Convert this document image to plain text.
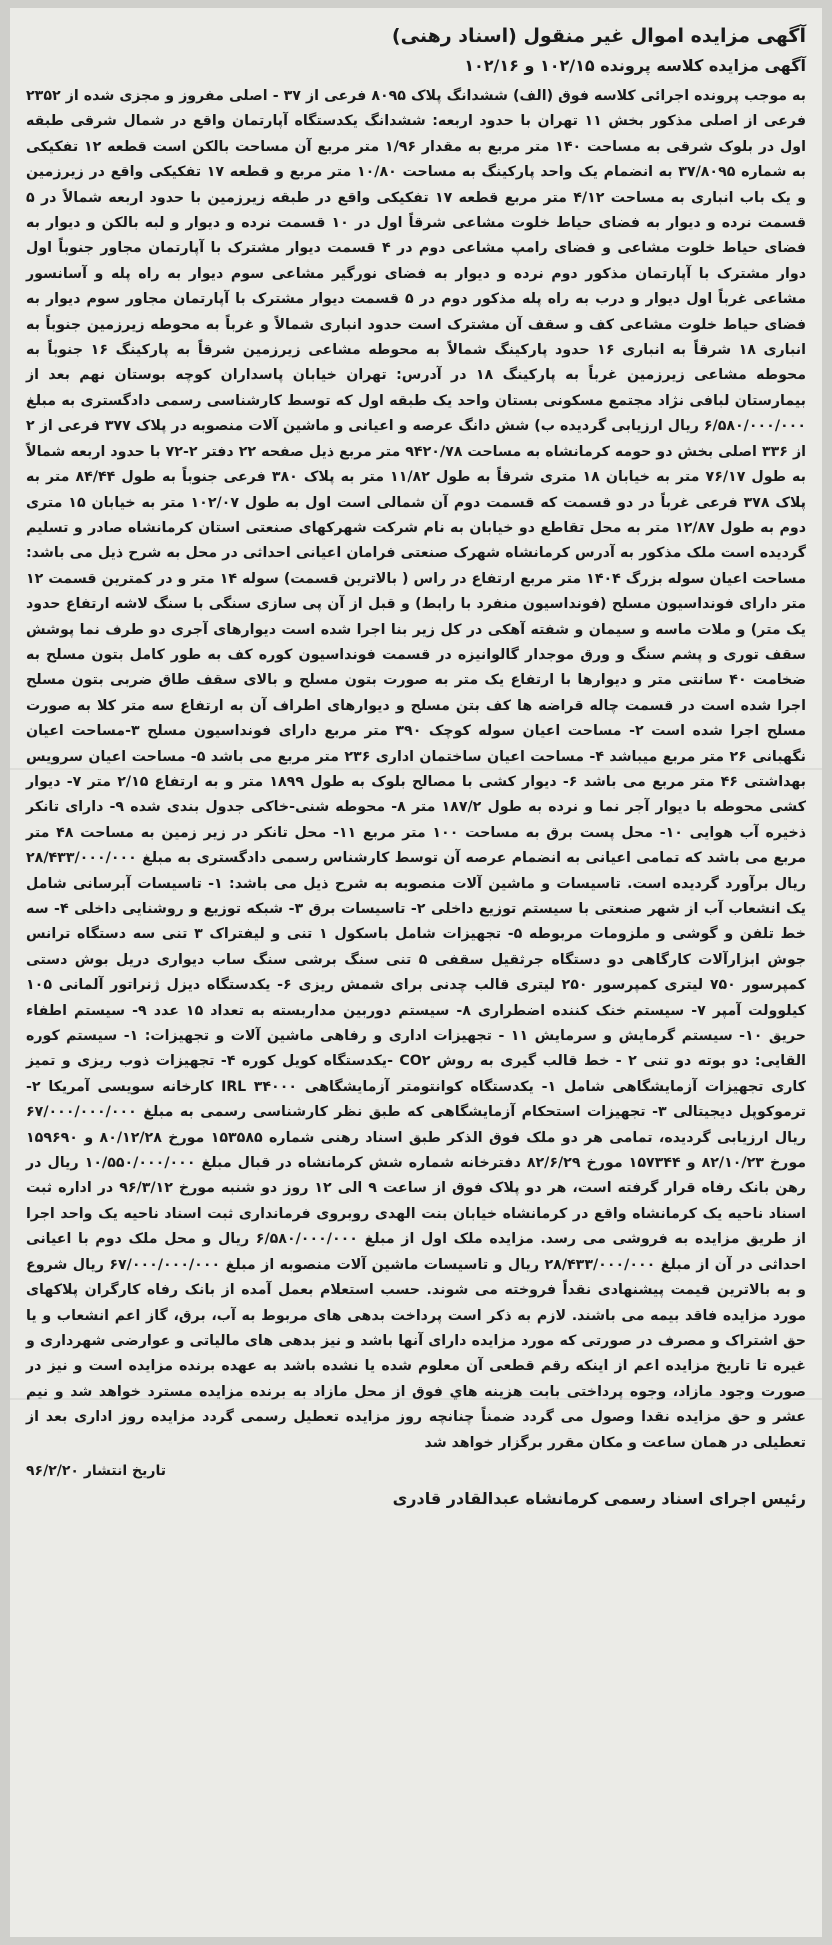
آگهی مزایده اموال غیر منقول (اسناد رهنی)
آگهی مزایده کلاسه پرونده ۱۰۲/۱۵ و ۱۰۲/۱۶

به موجب پرونده اجرائی کلاسه فوق (الف) ششدانگ پلاک ۸۰۹۵ فرعی از ۳۷ - اصلی مفروز و مجزی شده از ۲۳۵۲ فرعی از اصلی مذکور بخش ۱۱ تهران با حدود اربعه: ششدانگ یکدستگاه آپارتمان واقع در شمال شرقی طبقه اول در بلوک شرقی به مساحت ۱۴۰ متر مربع به مقدار ۱/۹۶ متر مربع آن مساحت بالکن است قطعه ۱۲ تفکیکی به شماره ۳۷/۸۰۹۵ به انضمام یک واحد پارکینگ به مساحت ۱۰/۸۰ متر مربع و قطعه ۱۷ تفکیکی واقع در زیرزمین و یک باب انباری به مساحت ۴/۱۲ متر مربع قطعه ۱۷ تفکیکی واقع در طبقه زیرزمین با حدود اربعه شمالاً در ۵ قسمت نرده و دیوار به فضای حیاط خلوت مشاعی شرقاً اول در ۱۰ قسمت نرده و دیوار و لبه بالکن و دیوار به فضای حیاط خلوت مشاعی و فضای رامپ مشاعی دوم در ۴ قسمت دیوار مشترک با آپارتمان مجاور جنوباً اول دوار مشترک با آپارتمان مذکور دوم نرده و دیوار به فضای نورگیر مشاعی سوم دیوار به راه پله و آسانسور مشاعی غرباً اول دیوار و درب به راه پله مذکور دوم در ۵ قسمت دیوار مشترک با آپارتمان مجاور سوم دیوار به فضای حیاط خلوت مشاعی کف و سقف آن مشترک است حدود انباری شمالاً و غرباً به محوطه زیرزمین جنوباً به انباری ۱۸ شرقاً به انباری ۱۶ حدود پارکینگ شمالاً به محوطه مشاعی زیرزمین شرقاً به پارکینگ ۱۶ جنوباً به محوطه مشاعی زیرزمین غرباً به پارکینگ ۱۸ در آدرس: تهران خیابان پاسداران کوچه بوستان نهم بعد از بیمارستان لبافی نژاد مجتمع مسکونی بستان واحد یک طبقه اول که توسط کارشناسی رسمی دادگستری به مبلغ ۶/۵۸۰/۰۰۰/۰۰۰ ریال ارزیابی گردیده ب) شش دانگ عرصه و اعیانی و ماشین آلات منصوبه در پلاک ۳۷۷ فرعی از ۲ از ۳۳۶ اصلی بخش دو حومه کرمانشاه به مساحت ۹۴۲۰/۷۸ متر مربع ذیل صفحه ۲۲ دفتر ۲-۷۲ با حدود اربعه شمالاً به طول ۷۶/۱۷ متر به خیابان ۱۸ متری شرقاً به طول ۱۱/۸۲ متر به پلاک ۳۸۰ فرعی جنوباً به طول ۸۴/۴۴ متر به پلاک ۳۷۸ فرعی غرباً در دو قسمت که قسمت دوم آن شمالی است اول به طول ۱۰۲/۰۷ متر به خیابان ۱۵ متری دوم به طول ۱۲/۸۷ متر به محل تقاطع دو خیابان به نام شرکت شهرکهای صنعتی استان کرمانشاه صادر و تسلیم گردیده است ملک مذکور به آدرس کرمانشاه شهرک صنعتی فرامان اعیانی احداثی در محل به شرح ذیل می باشد: مساحت اعیان سوله بزرگ ۱۴۰۴ متر مربع ارتفاع در راس ( بالاترین قسمت) سوله ۱۴ متر و در کمترین قسمت ۱۲ متر دارای فونداسیون مسلح (فونداسیون منفرد با رابط) و قبل از آن پی سازی سنگی با سنگ لاشه ارتفاع حدود یک متر) و ملات ماسه و سیمان و شفته آهکی در کل زیر بنا اجرا شده است دیوارهای آجری دو طرف نما پوشش سقف توری و پشم سنگ و ورق موجدار گالوانیزه در قسمت فونداسیون کوره کف به طور کامل بتون مسلح به ضخامت ۴۰ سانتی متر و دیوارها با ارتفاع یک متر به صورت بتون مسلح و بالای سقف طاق ضربی بتون مسلح اجرا شده است در قسمت چاله قراضه ها کف بتن مسلح و دیوارهای اطراف آن به ارتفاع سه متر کلا به صورت مسلح اجرا شده است ۲- مساحت اعیان سوله کوچک ۳۹۰ متر مربع دارای فونداسیون مسلح ۳-مساحت اعیان نگهبانی ۲۶ متر مربع میباشد ۴- مساحت اعیان ساختمان اداری ۲۳۶ متر مربع می باشد ۵- مساحت اعیان سرویس بهداشتی ۴۶ متر مربع می باشد ۶- دیوار کشی با مصالح بلوک به طول ۱۸۹۹ متر و به ارتفاع ۲/۱۵ متر ۷- دیوار کشی محوطه با دیوار آجر نما و نرده به طول ۱۸۷/۲ متر ۸- محوطه شنی-خاکی جدول بندی شده ۹- دارای تانکر ذخیره آب هوایی ۱۰- محل پست برق به مساحت ۱۰۰ متر مربع ۱۱- محل تانکر در زیر زمین به مساحت ۴۸ متر مربع می باشد که تمامی اعیانی به انضمام عرصه آن توسط کارشناس رسمی دادگستری به مبلغ ۲۸/۴۳۳/۰۰۰/۰۰۰ ریال برآورد گردیده است. تاسیسات و ماشین آلات منصوبه به شرح ذیل می باشد: ۱- تاسیسات آبرسانی شامل یک انشعاب آب از شهر صنعتی با سیستم توزیع داخلی ۲- تاسیسات برق ۳- شبکه توزیع و روشنایی داخلی ۴- سه خط تلفن و گوشی و ملزومات مربوطه ۵- تجهیزات شامل باسکول ۱ تنی و لیفتراک ۳ تنی سه دستگاه ترانس جوش ابزارآلات کارگاهی دو دستگاه جرثقیل سقفی ۵ تنی سنگ برشی سنگ ساب دیواری دریل بوش دستی کمپرسور ۷۵۰ لیتری کمپرسور ۲۵۰ لیتری قالب چدنی برای شمش ریزی ۶- یکدستگاه دیزل ژنراتور آلمانی ۱۰۵ کیلوولت آمپر ۷- سیستم خنک کننده اضطراری ۸- سیستم دوربین مداربسته به تعداد ۱۵ عدد ۹- سیستم اطفاء حریق ۱۰- سیستم گرمایش و سرمایش ۱۱ - تجهیزات اداری و رفاهی ماشین آلات و تجهیزات: ۱- سیستم کوره القایی: دو بوته دو تنی ۲ - خط قالب گیری به روش CO۲ -یکدستگاه کویل کوره ۴- تجهیزات ذوب ریزی و تمیز کاری تجهیزات آزمایشگاهی شامل ۱- یکدستگاه کوانتومتر آزمایشگاهی IRL ۳۴۰۰۰ کارخانه سویسی آمریکا ۲- ترموکوپل دیجیتالی ۳- تجهیزات استحکام آزمایشگاهی که طبق نظر کارشناسی رسمی به مبلغ ۶۷/۰۰۰/۰۰۰/۰۰۰ ریال ارزیابی گردیده، تمامی هر دو ملک فوق الذکر طبق اسناد رهنی شماره ۱۵۳۵۸۵ مورخ ۸۰/۱۲/۲۸ و ۱۵۹۶۹۰ مورخ ۸۲/۱۰/۲۳ و ۱۵۷۳۴۴ مورخ ۸۲/۶/۲۹ دفترخانه شماره شش کرمانشاه در قبال مبلغ ۱۰/۵۵۰/۰۰۰/۰۰۰ ریال در رهن بانک رفاه قرار گرفته است، هر دو پلاک فوق از ساعت ۹ الی ۱۲ روز دو شنبه مورخ ۹۶/۳/۱۲ در اداره ثبت اسناد ناحیه یک کرمانشاه واقع در کرمانشاه خیابان بنت الهدی روبروی فرمانداری ثبت اسناد ناحیه یک واحد اجرا از طریق مزایده به فروشی می رسد. مزایده ملک اول از مبلغ ۶/۵۸۰/۰۰۰/۰۰۰ ریال و محل ملک دوم با اعیانی احداثی در آن از مبلغ ۲۸/۴۳۳/۰۰۰/۰۰۰ ریال و تاسیسات ماشین آلات منصوبه از مبلغ ۶۷/۰۰۰/۰۰۰/۰۰۰ ریال شروع و به بالاترین قیمت پیشنهادی نقداً فروخته می شوند. حسب استعلام بعمل آمده از بانک رفاه کارگران پلاکهای مورد مزایده فاقد بیمه می باشند. لازم به ذکر است پرداخت بدهی های مربوط به آب، برق، گاز اعم انشعاب و یا حق اشتراک و مصرف در صورتی که مورد مزایده دارای آنها باشد و نیز بدهی های مالیاتی و عوارضی شهرداری و غیره تا تاریخ مزایده اعم از اینکه رقم قطعی آن معلوم شده یا نشده باشد به عهده برنده مزایده است و نیز در صورت وجود مازاد، وجوه پرداختی بابت هزینه هاي فوق از محل مازاد به برنده مزایده مسترد خواهد شد و نیم عشر و حق مزایده نقدا وصول می گردد ضمناً چنانچه روز مزایده تعطیل رسمی گردد مزایده روز اداری بعد از تعطیلی در همان ساعت و مکان مقرر برگزار خواهد شد

تاریخ انتشار ۹۶/۲/۲۰
رئیس اجرای اسناد رسمی کرمانشاه عبدالقادر قادری
